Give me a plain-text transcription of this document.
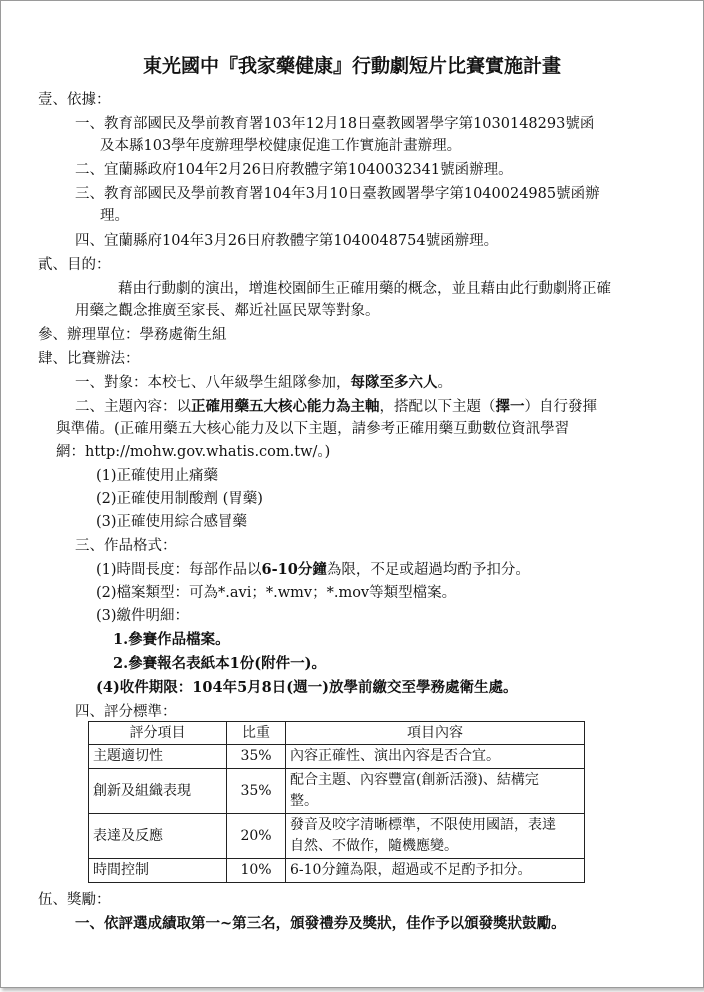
東光國中『我家藥健康』行動劇短片比賽實施計畫
壹、依據：
一、教育部國民及學前教育署103年12月18日臺教國署學字第1030148293號函
及本縣103學年度辦理學校健康促進工作實施計畫辦理。
二、宜蘭縣政府104年2月26日府教體字第1040032341號函辦理。
三、教育部國民及學前教育署104年3月10日臺教國署學字第1040024985號函辦
理。
四、宜蘭縣府104年3月26日府教體字第1040048754號函辦理。
貳、目的：
藉由行動劇的演出，增進校園師生正確用藥的概念，並且藉由此行動劇將正確
用藥之觀念推廣至家長、鄰近社區民眾等對象。
參、辦理單位：學務處衛生組
肆、比賽辦法：
一、對象：本校七、八年級學生組隊參加，每隊至多六人。
二、主題內容：以正確用藥五大核心能力為主軸，搭配以下主題（擇一）自行發揮
與準備。(正確用藥五大核心能力及以下主題，請參考正確用藥互動數位資訊學習
網：http://mohw.gov.whatis.com.tw/。)
(1)正確使用止痛藥
(2)正確使用制酸劑 (胃藥)
(3)正確使用綜合感冒藥
三、作品格式：
(1)時間長度：每部作品以6-10分鐘為限，不足或超過均酌予扣分。
(2)檔案類型：可為*.avi；*.wmv；*.mov等類型檔案。
(3)繳件明細：
1.參賽作品檔案。
2.參賽報名表紙本1份(附件一)。
(4)收件期限：104年5月8日(週一)放學前繳交至學務處衛生處。
四、評分標準：
評分項目	比重	項目內容
主題適切性	35%	內容正確性、演出內容是否合宜。
創新及組織表現	35%	配合主題、內容豐富(創新活潑)、結構完
整。
表達及反應	20%	發音及咬字清晰標準，不限使用國語，表達
自然、不做作，隨機應變。
時間控制	10%	6-10分鐘為限，超過或不足酌予扣分。
伍、獎勵：
一、依評選成績取第一~第三名，頒發禮券及獎狀，佳作予以頒發獎狀鼓勵。
